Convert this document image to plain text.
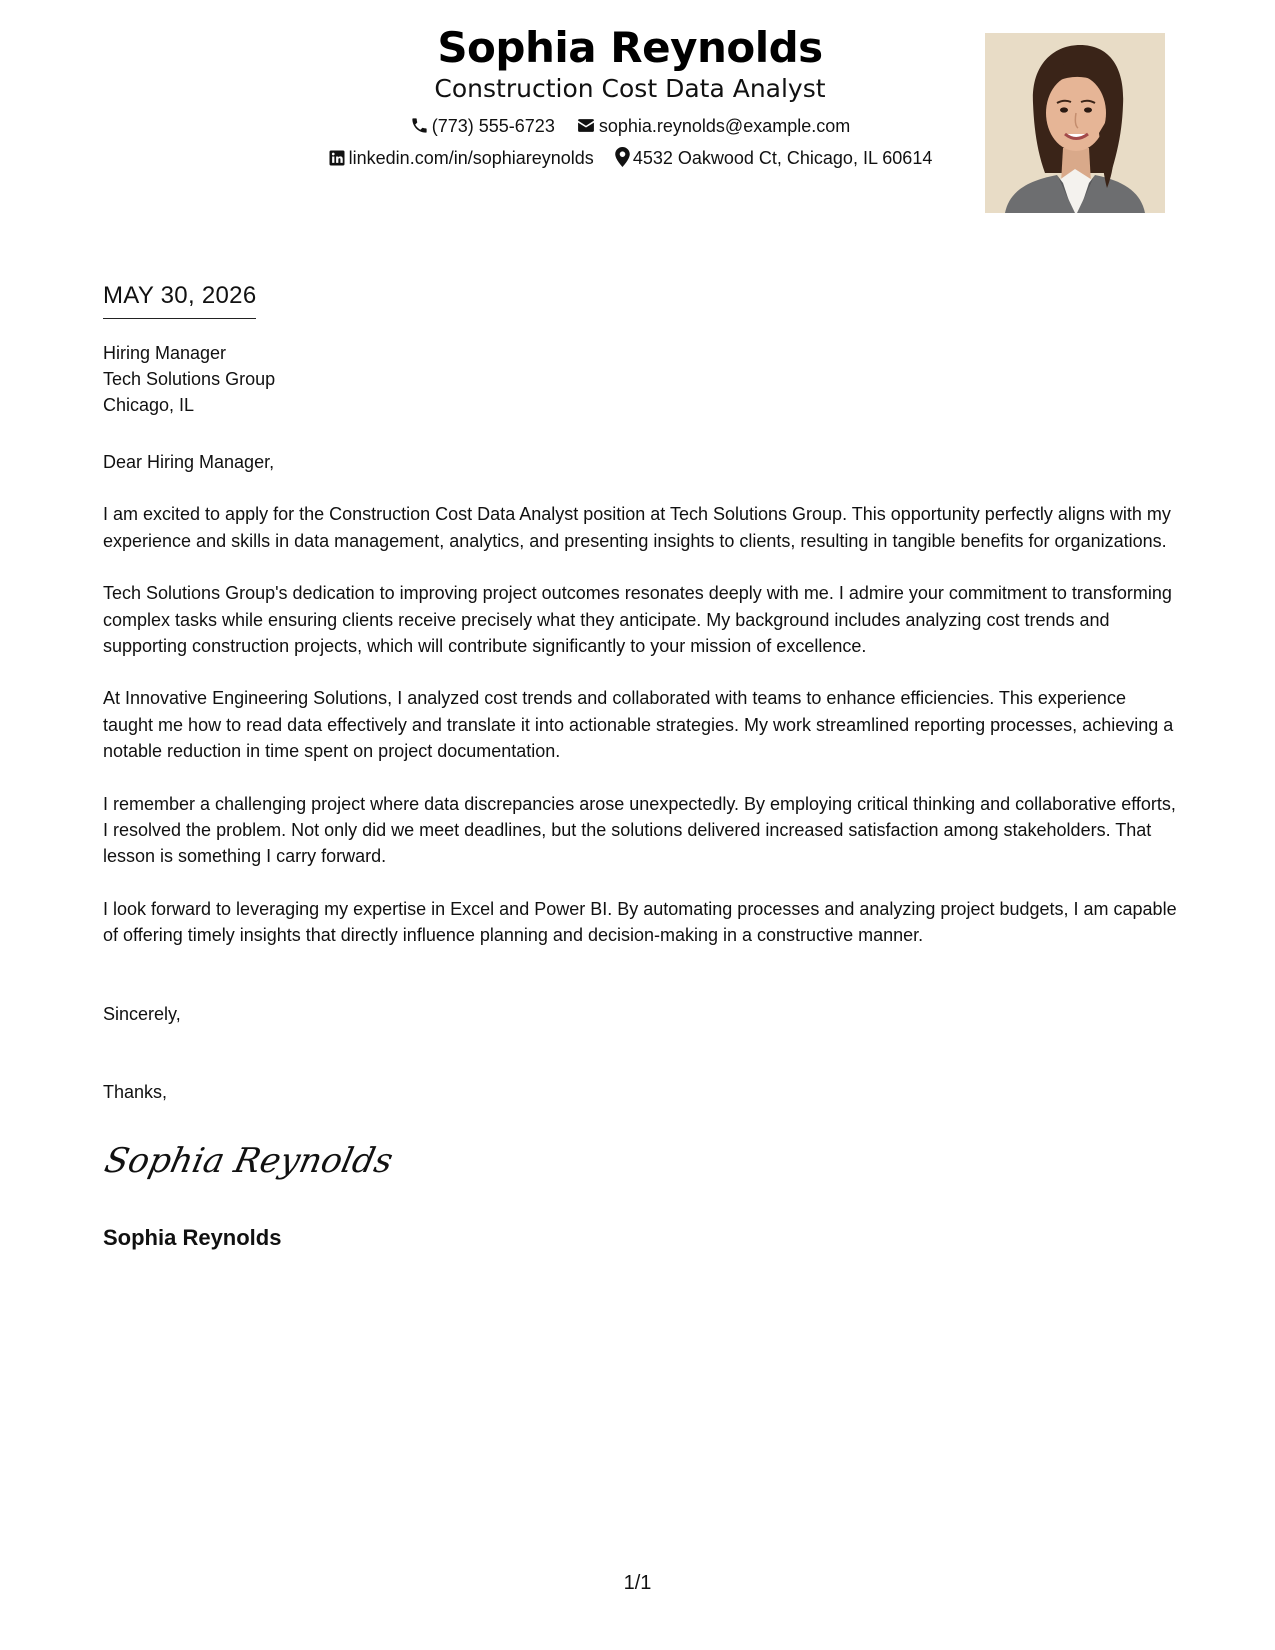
Sophia Reynolds
Construction Cost Data Analyst
(773) 555-6723 sophia.reynolds@example.com
linkedin.com/in/sophiareynolds 4532 Oakwood Ct, Chicago, IL 60614
MAY 30, 2026
Hiring Manager
Tech Solutions Group
Chicago, IL

Dear Hiring Manager,

I am excited to apply for the Construction Cost Data Analyst position at Tech Solutions Group. This opportunity perfectly aligns with my experience and skills in data management, analytics, and presenting insights to clients, resulting in tangible benefits for organizations.

Tech Solutions Group's dedication to improving project outcomes resonates deeply with me. I admire your commitment to transforming complex tasks while ensuring clients receive precisely what they anticipate. My background includes analyzing cost trends and supporting construction projects, which will contribute significantly to your mission of excellence.

At Innovative Engineering Solutions, I analyzed cost trends and collaborated with teams to enhance efficiencies. This experience taught me how to read data effectively and translate it into actionable strategies. My work streamlined reporting processes, achieving a notable reduction in time spent on project documentation.

I remember a challenging project where data discrepancies arose unexpectedly. By employing critical thinking and collaborative efforts, I resolved the problem. Not only did we meet deadlines, but the solutions delivered increased satisfaction among stakeholders. That lesson is something I carry forward.

I look forward to leveraging my expertise in Excel and Power BI. By automating processes and analyzing project budgets, I am capable of offering timely insights that directly influence planning and decision-making in a constructive manner.

Sincerely,
Thanks,
Sophia Reynolds
Sophia Reynolds
1/1
